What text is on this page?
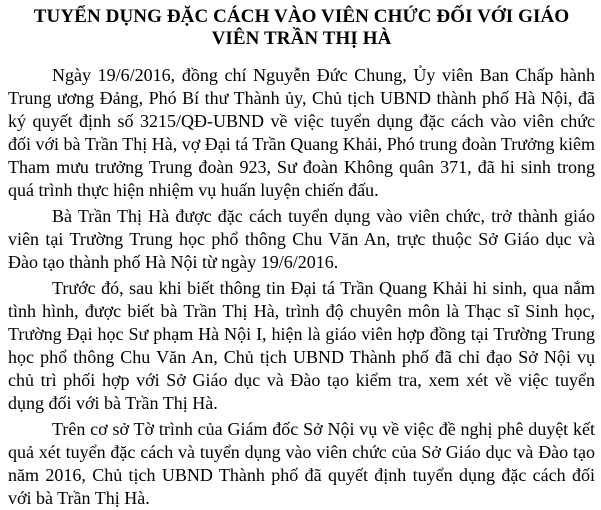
TUYỂN DỤNG ĐẶC CÁCH VÀO VIÊN CHỨC ĐỐI VỚI GIÁO VIÊN TRẦN THỊ HÀ

Ngày 19/6/2016, đồng chí Nguyễn Đức Chung, Ủy viên Ban Chấp hành Trung ương Đảng, Phó Bí thư Thành ủy, Chủ tịch UBND thành phố Hà Nội, đã ký quyết định số 3215/QĐ-UBND về việc tuyển dụng đặc cách vào viên chức đối với bà Trần Thị Hà, vợ Đại tá Trần Quang Khải, Phó trung đoàn Trưởng kiêm Tham mưu trưởng Trung đoàn 923, Sư đoàn Không quân 371, đã hi sinh trong quá trình thực hiện nhiệm vụ huấn luyện chiến đấu.

Bà Trần Thị Hà được đặc cách tuyển dụng vào viên chức, trở thành giáo viên tại Trường Trung học phổ thông Chu Văn An, trực thuộc Sở Giáo dục và Đào tạo thành phố Hà Nội từ ngày 19/6/2016.

Trước đó, sau khi biết thông tin Đại tá Trần Quang Khải hi sinh, qua nắm tình hình, được biết bà Trần Thị Hà, trình độ chuyên môn là Thạc sĩ Sinh học, Trường Đại học Sư phạm Hà Nội I, hiện là giáo viên hợp đồng tại Trường Trung học phổ thông Chu Văn An, Chủ tịch UBND Thành phố đã chỉ đạo Sở Nội vụ chủ trì phối hợp với Sở Giáo dục và Đào tạo kiểm tra, xem xét về việc tuyển dụng đối với bà Trần Thị Hà.

Trên cơ sở Tờ trình của Giám đốc Sở Nội vụ về việc đề nghị phê duyệt kết quả xét tuyển đặc cách và tuyển dụng vào viên chức của Sở Giáo dục và Đào tạo năm 2016, Chủ tịch UBND Thành phố đã quyết định tuyển dụng đặc cách đối với bà Trần Thị Hà.
